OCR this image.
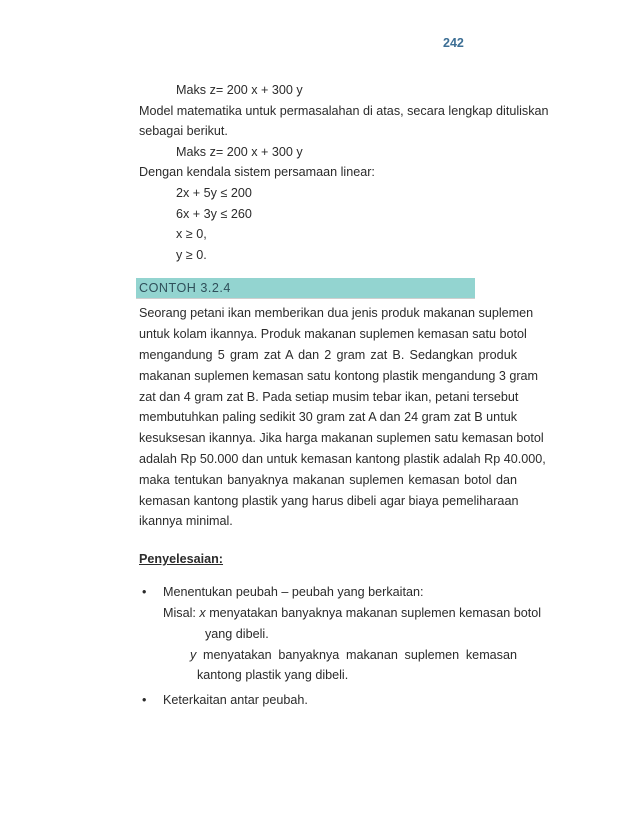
242
Maks z= 200 x + 300 y
Model matematika untuk permasalahan di atas, secara lengkap dituliskan
sebagai berikut.
Maks z= 200 x + 300 y
Dengan kendala sistem persamaan linear:
2x + 5y ≤ 200
6x + 3y ≤ 260
x ≥ 0,
y ≥ 0.
CONTOH 3.2.4
Seorang petani ikan memberikan dua jenis produk makanan suplemen
untuk kolam ikannya. Produk makanan suplemen kemasan satu botol
mengandung 5 gram zat A dan 2 gram zat B. Sedangkan produk
makanan suplemen kemasan satu kontong plastik mengandung 3 gram
zat dan 4 gram zat B. Pada setiap musim tebar ikan, petani tersebut
membutuhkan paling sedikit 30 gram zat A dan 24 gram zat B untuk
kesuksesan ikannya. Jika harga makanan suplemen satu kemasan botol
adalah Rp 50.000 dan untuk kemasan kantong plastik adalah Rp 40.000,
maka tentukan banyaknya makanan suplemen kemasan botol dan
kemasan kantong plastik yang harus dibeli agar biaya pemeliharaan
ikannya minimal.
Penyelesaian:
• Menentukan peubah – peubah yang berkaitan:
Misal: x menyatakan banyaknya makanan suplemen kemasan botol
yang dibeli.
y menyatakan banyaknya makanan suplemen kemasan
kantong plastik yang dibeli.
• Keterkaitan antar peubah.
